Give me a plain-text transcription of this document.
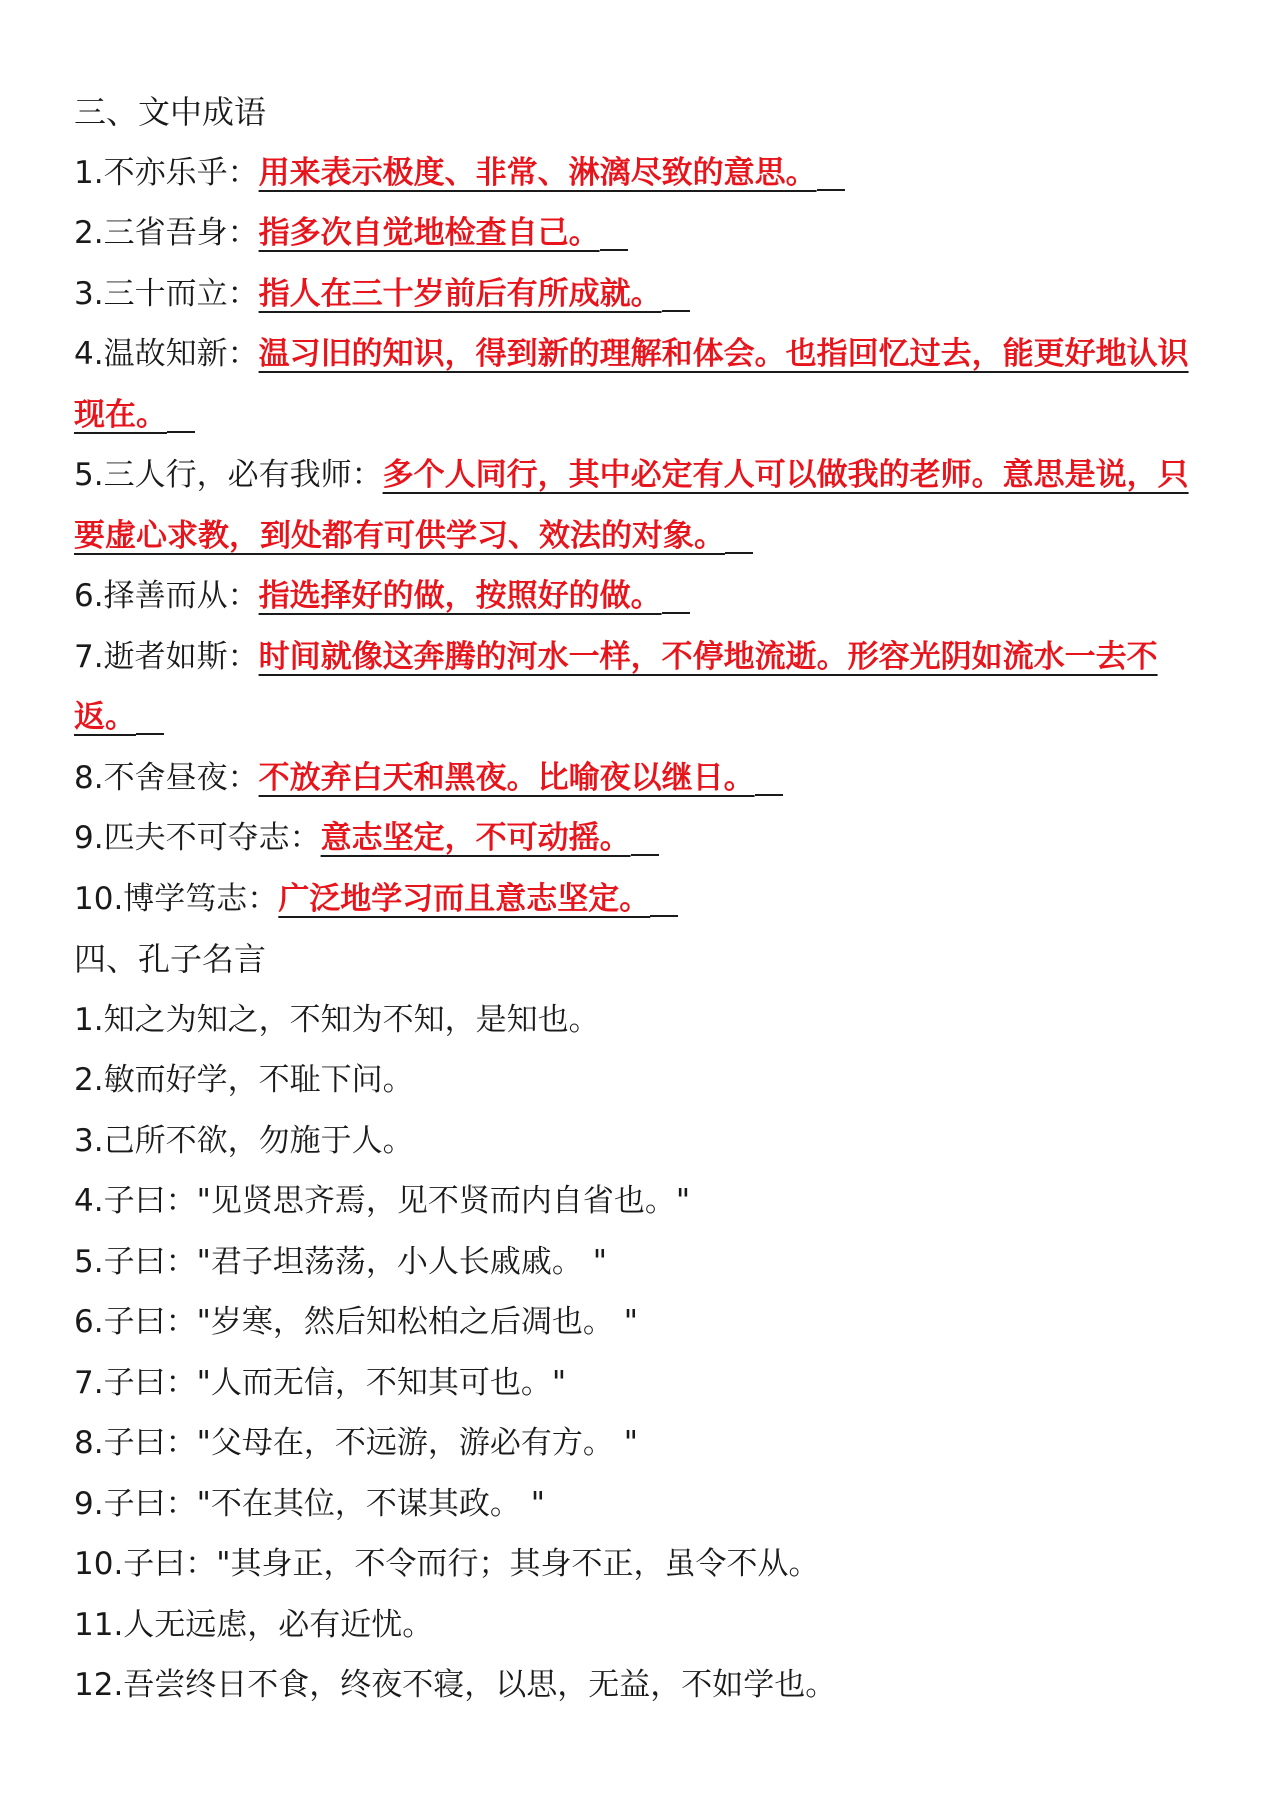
三、文中成语
1.不亦乐乎：用来表示极度、非常、淋漓尽致的意思。
2.三省吾身：指多次自觉地检查自己。
3.三十而立：指人在三十岁前后有所成就。
4.温故知新：温习旧的知识，得到新的理解和体会。也指回忆过去，能更好地认识现在。
5.三人行，必有我师：多个人同行，其中必定有人可以做我的老师。意思是说，只要虚心求教，到处都有可供学习、效法的对象。
6.择善而从：指选择好的做，按照好的做。
7.逝者如斯：时间就像这奔腾的河水一样，不停地流逝。形容光阴如流水一去不返。
8.不舍昼夜：不放弃白天和黑夜。比喻夜以继日。
9.匹夫不可夺志：意志坚定，不可动摇。
10.博学笃志：广泛地学习而且意志坚定。
四、孔子名言
1.知之为知之，不知为不知，是知也。
2.敏而好学，不耻下问。
3.己所不欲，勿施于人。
4.子曰："见贤思齐焉，见不贤而内自省也。"
5.子曰："君子坦荡荡，小人长戚戚。 "
6.子曰："岁寒，然后知松柏之后凋也。 "
7.子曰："人而无信，不知其可也。"
8.子曰："父母在，不远游，游必有方。 "
9.子曰："不在其位，不谋其政。 "
10.子曰："其身正，不令而行；其身不正，虽令不从。
11.人无远虑，必有近忧。
12.吾尝终日不食，终夜不寝，以思，无益，不如学也。
